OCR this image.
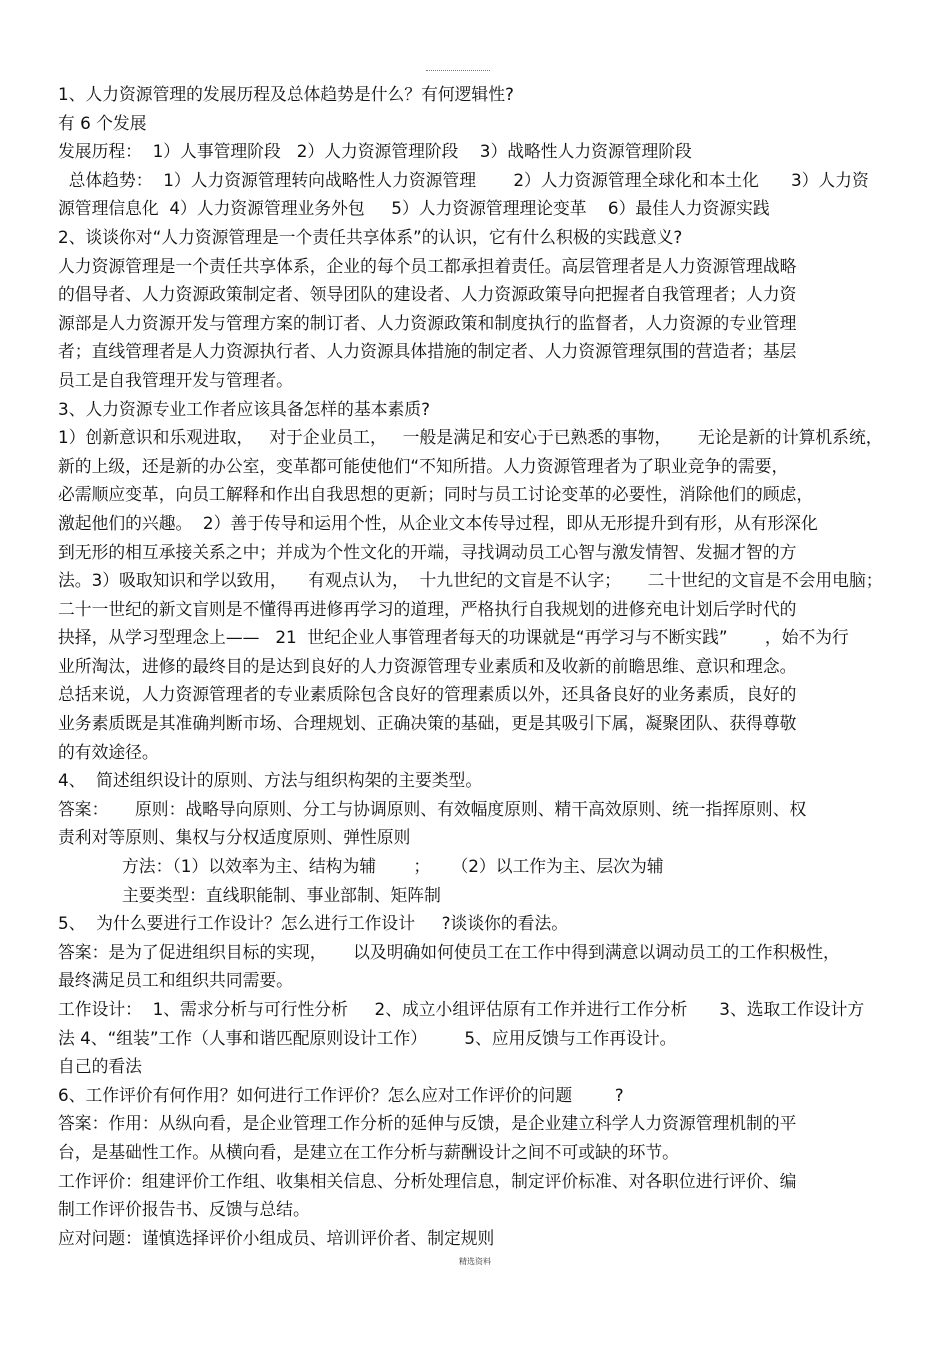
1、人力资源管理的发展历程及总体趋势是什么？有何逻辑性?
有 6 个发展
发展历程：  1）人事管理阶段   2）人力资源管理阶段    3）战略性人力资源管理阶段
总体趋势：  1）人力资源管理转向战略性人力资源管理       2）人力资源管理全球化和本土化      3）人力资
源管理信息化  4）人力资源管理业务外包     5）人力资源管理理论变革    6）最佳人力资源实践
2、谈谈你对“人力资源管理是一个责任共享体系”的认识，它有什么积极的实践意义?
人力资源管理是一个责任共享体系，企业的每个员工都承担着责任。高层管理者是人力资源管理战略
的倡导者、人力资源政策制定者、领导团队的建设者、人力资源政策导向把握者自我管理者；人力资
源部是人力资源开发与管理方案的制订者、人力资源政策和制度执行的监督者，人力资源的专业管理
者；直线管理者是人力资源执行者、人力资源具体措施的制定者、人力资源管理氛围的营造者；基层
员工是自我管理开发与管理者。
3、人力资源专业工作者应该具备怎样的基本素质?
1）创新意识和乐观进取，   对于企业员工，   一般是满足和安心于已熟悉的事物，     无论是新的计算机系统，
新的上级，还是新的办公室，变革都可能使他们“不知所措。人力资源管理者为了职业竞争的需要，
必需顺应变革，向员工解释和作出自我思想的更新；同时与员工讨论变革的必要性，消除他们的顾虑，
激起他们的兴趣。  2）善于传导和运用个性，从企业文本传导过程，即从无形提升到有形，从有形深化
到无形的相互承接关系之中；并成为个性文化的开端，寻找调动员工心智与激发情智、发掘才智的方
法。3）吸取知识和学以致用，    有观点认为，  十九世纪的文盲是不认字；     二十世纪的文盲是不会用电脑；
二十一世纪的新文盲则是不懂得再进修再学习的道理，严格执行自我规划的进修充电计划后学时代的
抉择，从学习型理念上——   21  世纪企业人事管理者每天的功课就是“再学习与不断实践”       ，始不为行
业所淘汰，进修的最终目的是达到良好的人力资源管理专业素质和及收新的前瞻思维、意识和理念。
总括来说，人力资源管理者的专业素质除包含良好的管理素质以外，还具备良好的业务素质，良好的
业务素质既是其准确判断市场、合理规划、正确决策的基础，更是其吸引下属，凝聚团队、获得尊敬
的有效途径。
4、  简述组织设计的原则、方法与组织构架的主要类型。
答案：     原则：战略导向原则、分工与协调原则、有效幅度原则、精干高效原则、统一指挥原则、权
责利对等原则、集权与分权适度原则、弹性原则
方法：（1）以效率为主、结构为辅       ；    （2）以工作为主、层次为辅
主要类型：直线职能制、事业部制、矩阵制
5、  为什么要进行工作设计？怎么进行工作设计     ?谈谈你的看法。
答案：是为了促进组织目标的实现，     以及明确如何使员工在工作中得到满意以调动员工的工作积极性，
最终满足员工和组织共同需要。
工作设计：  1、需求分析与可行性分析     2、成立小组评估原有工作并进行工作分析      3、选取工作设计方
法 4、“组装”工作（人事和谐匹配原则设计工作）       5、应用反馈与工作再设计。
自己的看法
6、工作评价有何作用？如何进行工作评价？怎么应对工作评价的问题        ?
答案：作用：从纵向看，是企业管理工作分析的延伸与反馈，是企业建立科学人力资源管理机制的平
台，是基础性工作。从横向看，是建立在工作分析与薪酬设计之间不可或缺的环节。
工作评价：组建评价工作组、收集相关信息、分析处理信息，制定评价标准、对各职位进行评价、编
制工作评价报告书、反馈与总结。
应对问题：谨慎选择评价小组成员、培训评价者、制定规则
精选资料
